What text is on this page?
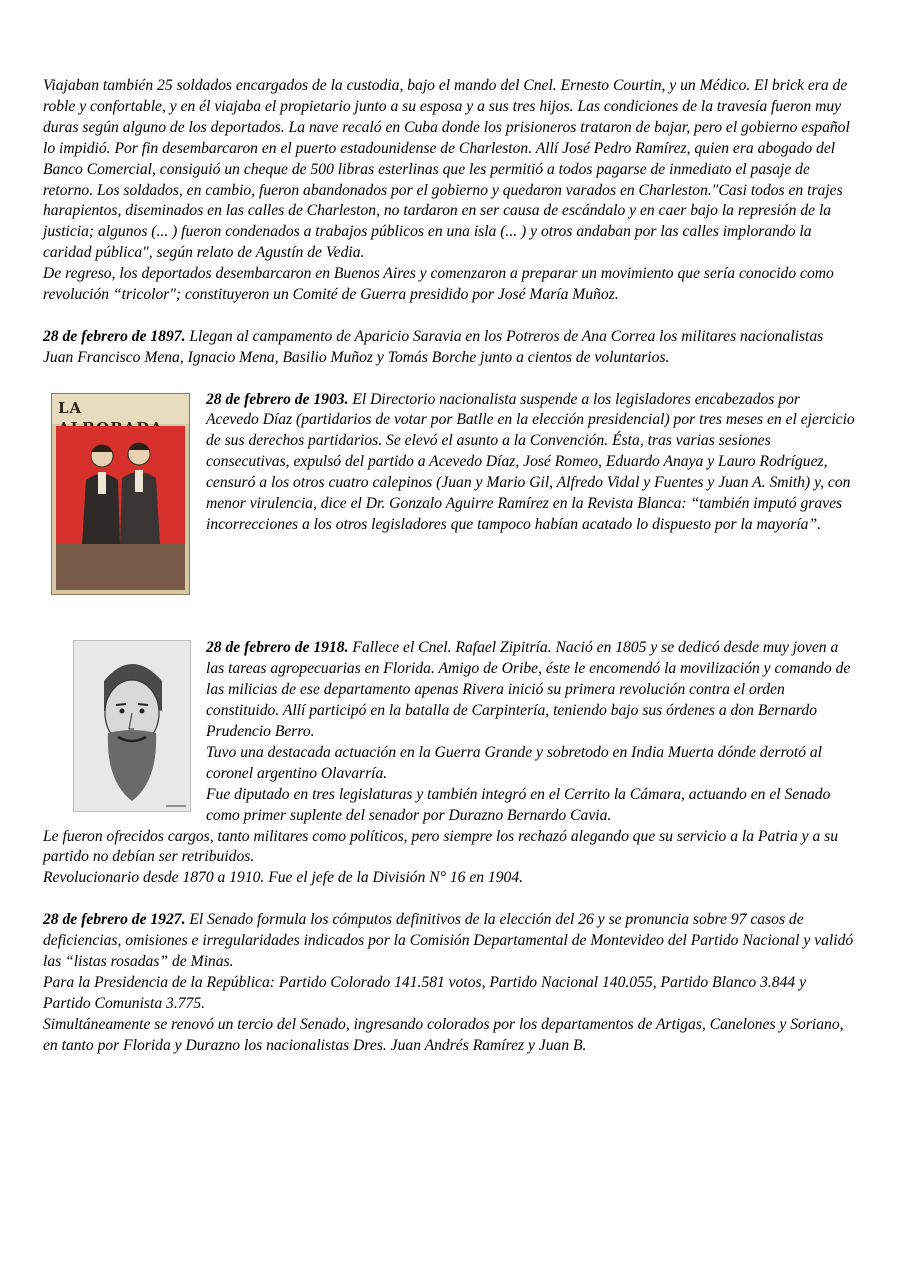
Viajaban también 25 soldados encargados de la custodia, bajo el mando del Cnel. Ernesto Courtin, y un Médico. El brick era de roble y confortable, y en él viajaba el propietario junto a su esposa y a sus tres hijos. Las condiciones de la travesía fueron muy duras según alguno de los deportados. La nave recaló en Cuba donde los prisioneros trataron de bajar, pero el gobierno español lo impidió. Por fin desembarcaron en el puerto estadounidense de Charleston. Allí José Pedro Ramírez, quien era abogado del Banco Comercial, consiguió un cheque de 500 libras esterlinas que les permitió a todos pagarse de inmediato el pasaje de retorno. Los soldados, en cambio, fueron abandonados por el gobierno y quedaron varados en Charleston."Casi todos en trajes harapientos, diseminados en las calles de Charleston, no tardaron en ser causa de escándalo y en caer bajo la represión de la justicia; algunos (... ) fueron condenados a trabajos públicos en una isla (... ) y otros andaban por las calles implorando la caridad pública", según relato de Agustín de Vedia.

De regreso, los deportados desembarcaron en Buenos Aires y comenzaron a preparar un movimiento que sería conocido como revolución “tricolor"; constituyeron un Comité de Guerra presidido por José María Muñoz.

28 de febrero de 1897. Llegan al campamento de Aparicio Saravia en los Potreros de Ana Correa los militares nacionalistas Juan Francisco Mena, Ignacio Mena, Basilio Muñoz y Tomás Borche junto a cientos de voluntarios.

LA	28 de febrero de 1903. El Directorio nacionalista suspende a los legisladores encabezados por Acevedo Díaz (partidarios de votar por Batlle en la elección presidencial) por tres meses en el ejercicio de sus derechos partidarios. Se elevó el asunto a la Convención. Ésta, tras varias sesiones consecutivas, expulsó del partido a Acevedo Díaz, José Romeo, Eduardo Anaya y Lauro Rodríguez, censuró a los otros cuatro calepinos (Juan y Mario Gil, Alfredo Vidal y Fuentes y Juan A. Smith) y, con menor virulencia, dice el Dr. Gonzalo Aguirre Ramírez en la Revista Blanca: “también imputó graves incorrecciones a los otros legisladores que tampoco habían acatado lo dispuesto por la mayoría”.

28 de febrero de 1918. Fallece el Cnel. Rafael Zipitría. Nació en 1805 y se dedicó desde muy joven a las tareas agropecuarias en Florida. Amigo de Oribe, éste le encomendó la movilización y comando de las milicias de ese departamento apenas Rivera inició su primera revolución contra el orden constituido. Allí participó en la batalla de Carpintería, teniendo bajo sus órdenes a don Bernardo Prudencio Berro.

Tuvo una destacada actuación en la Guerra Grande y sobretodo en India Muerta dónde derrotó al coronel argentino Olavarría.

Fue diputado en tres legislaturas y también integró en el Cerrito la Cámara, actuando en el Senado como primer suplente del senador por Durazno Bernardo Cavia.

Le fueron ofrecidos cargos, tanto militares como políticos, pero siempre los rechazó alegando que su servicio a la Patria y a su partido no debían ser retribuidos.

Revolucionario desde 1870 a 1910. Fue el jefe de la División N° 16 en 1904.

28 de febrero de 1927. El Senado formula los cómputos definitivos de la elección del 26 y se pronuncia sobre 97 casos de deficiencias, omisiones e irregularidades indicados por la Comisión Departamental de Montevideo del Partido Nacional y validó las “listas rosadas” de Minas.

Para la Presidencia de la República: Partido Colorado 141.581 votos, Partido Nacional 140.055, Partido Blanco 3.844 y Partido Comunista 3.775.

Simultáneamente se renovó un tercio del Senado, ingresando colorados por los departamentos de Artigas, Canelones y Soriano, en tanto por Florida y Durazno los nacionalistas Dres. Juan Andrés Ramírez y Juan B.
